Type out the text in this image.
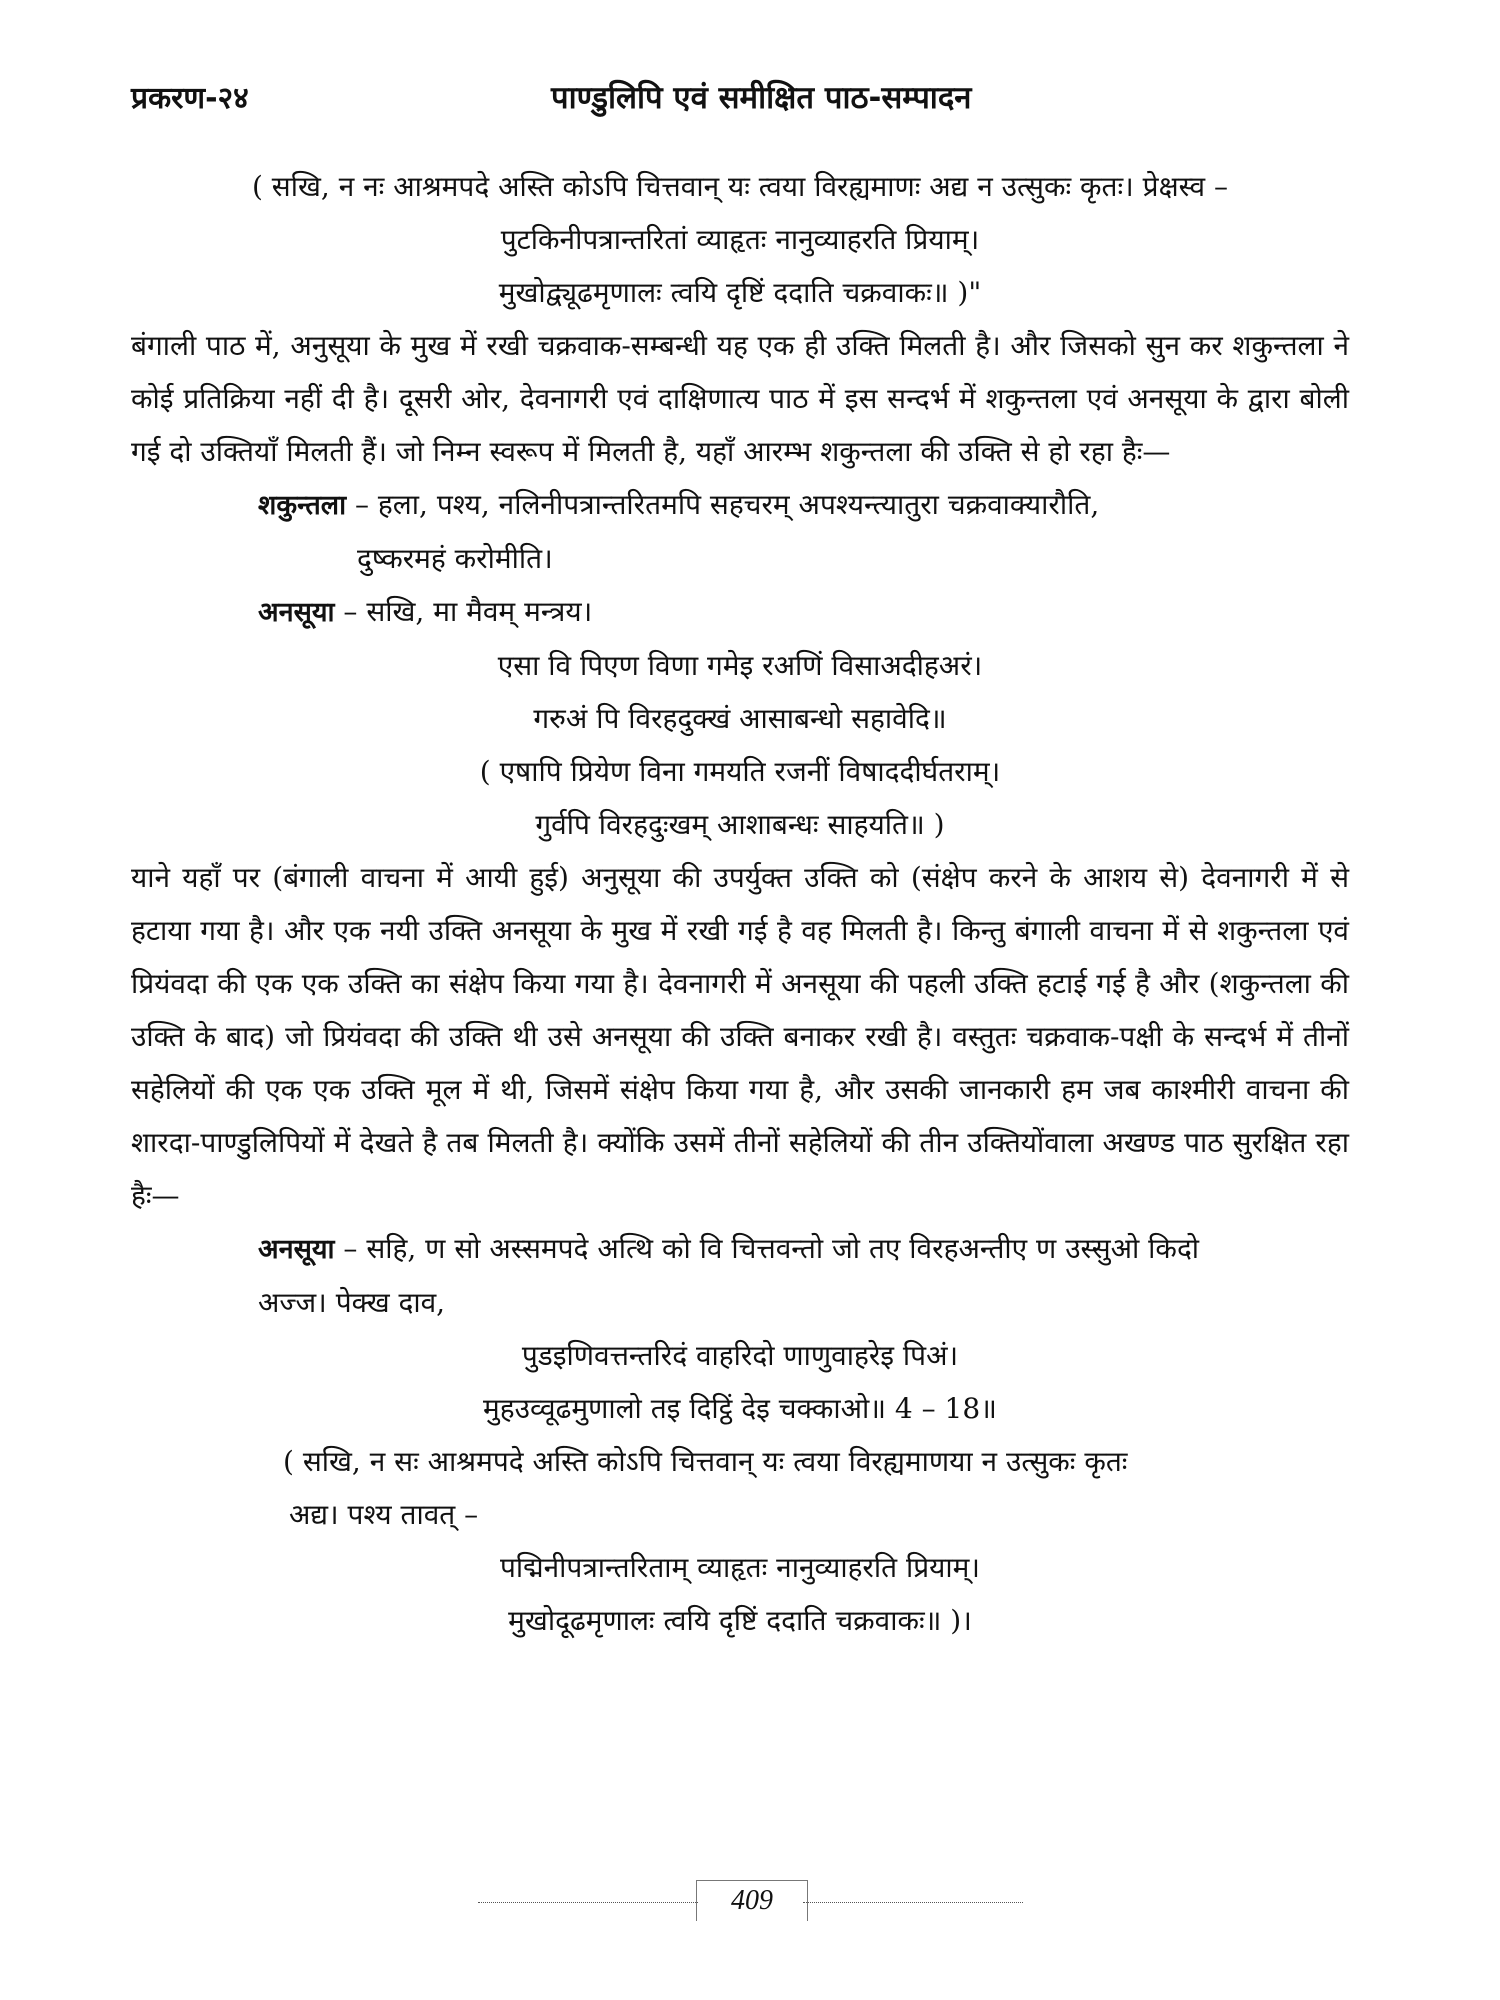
प्रकरण-२४	पाण्डुलिपि एवं समीक्षित पाठ-सम्पादन
( सखि, न नः आश्रमपदे अस्ति कोऽपि चित्तवान् यः त्वया विरह्यमाणः अद्य न उत्सुकः कृतः। प्रेक्षस्व –
पुटकिनीपत्रान्तरितां व्याहृतः नानुव्याहरति प्रियाम्।
मुखोद्व्यूढमृणालः त्वयि दृष्टिं ददाति चक्रवाकः॥ )"
बंगाली पाठ में, अनुसूया के मुख में रखी चक्रवाक-सम्बन्धी यह एक ही उक्ति मिलती है। और जिसको सुन कर शकुन्तला ने कोई प्रतिक्रिया नहीं दी है। दूसरी ओर, देवनागरी एवं दाक्षिणात्य पाठ में इस सन्दर्भ में शकुन्तला एवं अनसूया के द्वारा बोली गई दो उक्तियाँ मिलती हैं। जो निम्न स्वरूप में मिलती है, यहाँ आरम्भ शकुन्तला की उक्ति से हो रहा हैः—
शकुन्तला – हला, पश्य, नलिनीपत्रान्तरितमपि सहचरम् अपश्यन्त्यातुरा चक्रवाक्यारौति,
दुष्करमहं करोमीति।
अनसूया – सखि, मा मैवम् मन्त्रय।
एसा वि पिएण विणा गमेइ रअणिं विसाअदीहअरं।
गरुअं पि विरहदुक्खं आसाबन्धो सहावेदि॥
( एषापि प्रियेण विना गमयति रजनीं विषाददीर्घतराम्।
गुर्वपि विरहदुःखम् आशाबन्धः साहयति॥ )
याने यहाँ पर (बंगाली वाचना में आयी हुई) अनुसूया की उपर्युक्त उक्ति को (संक्षेप करने के आशय से) देवनागरी में से हटाया गया है। और एक नयी उक्ति अनसूया के मुख में रखी गई है वह मिलती है। किन्तु बंगाली वाचना में से शकुन्तला एवं प्रियंवदा की एक एक उक्ति का संक्षेप किया गया है। देवनागरी में अनसूया की पहली उक्ति हटाई गई है और (शकुन्तला की उक्ति के बाद) जो प्रियंवदा की उक्ति थी उसे अनसूया की उक्ति बनाकर रखी है। वस्तुतः चक्रवाक-पक्षी के सन्दर्भ में तीनों सहेलियों की एक एक उक्ति मूल में थी, जिसमें संक्षेप किया गया है, और उसकी जानकारी हम जब काश्मीरी वाचना की शारदा-पाण्डुलिपियों में देखते है तब मिलती है। क्योंकि उसमें तीनों सहेलियों की तीन उक्तियोंवाला अखण्ड पाठ सुरक्षित रहा हैः—
अनसूया – सहि, ण सो अस्समपदे अत्थि को वि चित्तवन्तो जो तए विरहअन्तीए ण उस्सुओ किदो
अज्ज। पेक्ख दाव,
पुडइणिवत्तन्तरिदं वाहरिदो णाणुवाहरेइ पिअं।
मुहउव्वूढमुणालो तइ दिट्ठिं देइ चक्काओ॥ 4 – 18॥
( सखि, न सः आश्रमपदे अस्ति कोऽपि चित्तवान् यः त्वया विरह्यमाणया न उत्सुकः कृतः
अद्य। पश्य तावत् –
पद्मिनीपत्रान्तरिताम् व्याहृतः नानुव्याहरति प्रियाम्।
मुखोदूढमृणालः त्वयि दृष्टिं ददाति चक्रवाकः॥ )।
409
